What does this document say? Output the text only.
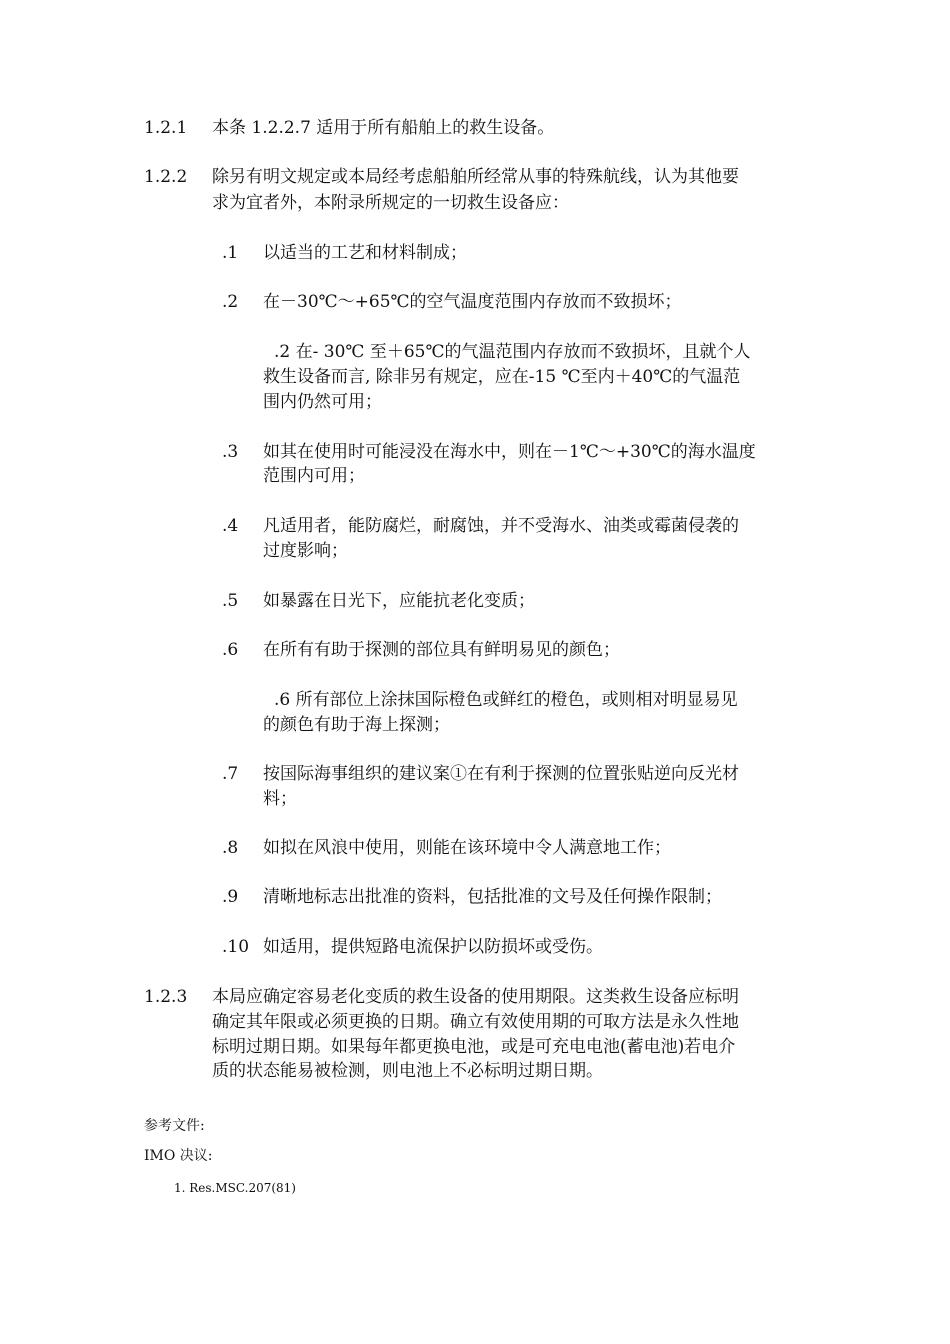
1.2.1 本条 1.2.2.7 适用于所有船舶上的救生设备。
1.2.2 除另有明文规定或本局经考虑船舶所经常从事的特殊航线，认为其他要
求为宜者外，本附录所规定的一切救生设备应：
.1 以适当的工艺和材料制成；
.2 在－30℃～+65℃的空气温度范围内存放而不致损坏；
.2 在- 30℃ 至＋65℃的气温范围内存放而不致损坏，且就个人
救生设备而言, 除非另有规定，应在-15 ℃至内＋40℃的气温范
围内仍然可用；
.3 如其在使用时可能浸没在海水中，则在－1℃～+30℃的海水温度
范围内可用；
.4 凡适用者，能防腐烂，耐腐蚀，并不受海水、油类或霉菌侵袭的
过度影响；
.5 如暴露在日光下，应能抗老化变质；
.6 在所有有助于探测的部位具有鲜明易见的颜色；
.6 所有部位上涂抹国际橙色或鲜红的橙色，或则相对明显易见
的颜色有助于海上探测；
.7 按国际海事组织的建议案①在有利于探测的位置张贴逆向反光材
料；
.8 如拟在风浪中使用，则能在该环境中令人满意地工作；
.9 清晰地标志出批准的资料，包括批准的文号及任何操作限制；
.10 如适用，提供短路电流保护以防损坏或受伤。
1.2.3 本局应确定容易老化变质的救生设备的使用期限。这类救生设备应标明
确定其年限或必须更换的日期。确立有效使用期的可取方法是永久性地
标明过期日期。如果每年都更换电池，或是可充电电池(蓄电池)若电介
质的状态能易被检测，则电池上不必标明过期日期。
参考文件:
IMO 决议:
1. Res.MSC.207(81)
